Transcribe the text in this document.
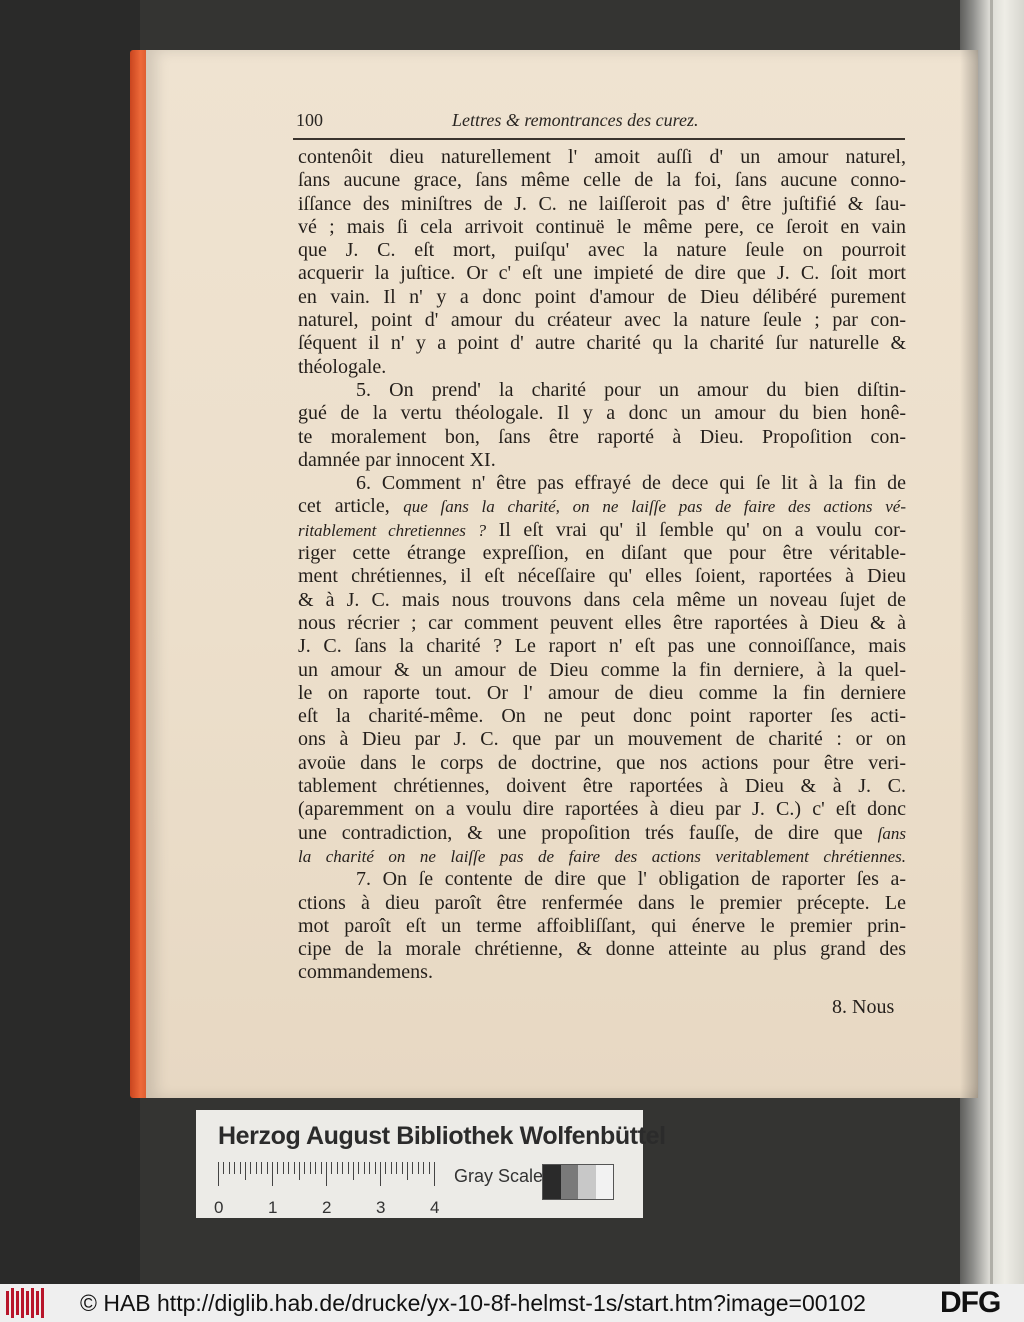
100	Lettres & remontrances des curez.
contenôit dieu naturellement l' amoit auſſi d' un amour naturel,
ſans aucune grace, ſans même celle de la foi, ſans aucune conno-
iſſance des miniſtres de J. C. ne laiſſeroit pas d' être juſtifié & ſau-
vé ; mais ſi cela arrivoit continuë le même pere, ce ſeroit en vain
que J. C. eſt mort, puiſqu' avec la nature ſeule on pourroit
acquerir la juſtice. Or c' eſt une impieté de dire que J. C. ſoit mort
en vain. Il n' y a donc point d'amour de Dieu délibéré purement
naturel, point d' amour du créateur avec la nature ſeule ; par con-
ſéquent il n' y a point d' autre charité qu la charité ſur naturelle &
théologale.
5. On prend' la charité pour un amour du bien diſtin-
gué de la vertu théologale. Il y a donc un amour du bien honê-
te moralement bon, ſans être raporté à Dieu. Propoſition con-
damnée par innocent XI.
6. Comment n' être pas effrayé de dece qui ſe lit à la fin de
cet article, que ſans la charité, on ne laiſſe pas de faire des actions vé-
ritablement chretiennes ? Il eſt vrai qu' il ſemble qu' on a voulu cor-
riger cette étrange expreſſion, en diſant que pour être véritable-
ment chrétiennes, il eſt néceſſaire qu' elles ſoient, raportées à Dieu
& à J. C. mais nous trouvons dans cela même un noveau ſujet de
nous récrier ; car comment peuvent elles être raportées à Dieu & à
J. C. ſans la charité ? Le raport n' eſt pas une connoiſſance, mais
un amour & un amour de Dieu comme la fin derniere, à la quel-
le on raporte tout. Or l' amour de dieu comme la fin derniere
eſt la charité-même. On ne peut donc point raporter ſes acti-
ons à Dieu par J. C. que par un mouvement de charité : or on
avoüe dans le corps de doctrine, que nos actions pour être veri-
tablement chrétiennes, doivent être raportées à Dieu & à J. C.
(aparemment on a voulu dire raportées à dieu par J. C.) c' eſt donc
une contradiction, & une propoſition trés fauſſe, de dire que ſans
la charité on ne laiſſe pas de faire des actions veritablement chrétiennes.
7. On ſe contente de dire que l' obligation de raporter ſes a-
ctions à dieu paroît être renfermée dans le premier précepte. Le
mot paroît eſt un terme affoibliſſant, qui énerve le premier prin-
cipe de la morale chrétienne, & donne atteinte au plus grand des
commandemens.
8. Nous
Herzog August Bibliothek Wolfenbüttel
0	1	2	3	4
Gray Scale
© HAB http://diglib.hab.de/drucke/yx-10-8f-helmst-1s/start.htm?image=00102 DFG
